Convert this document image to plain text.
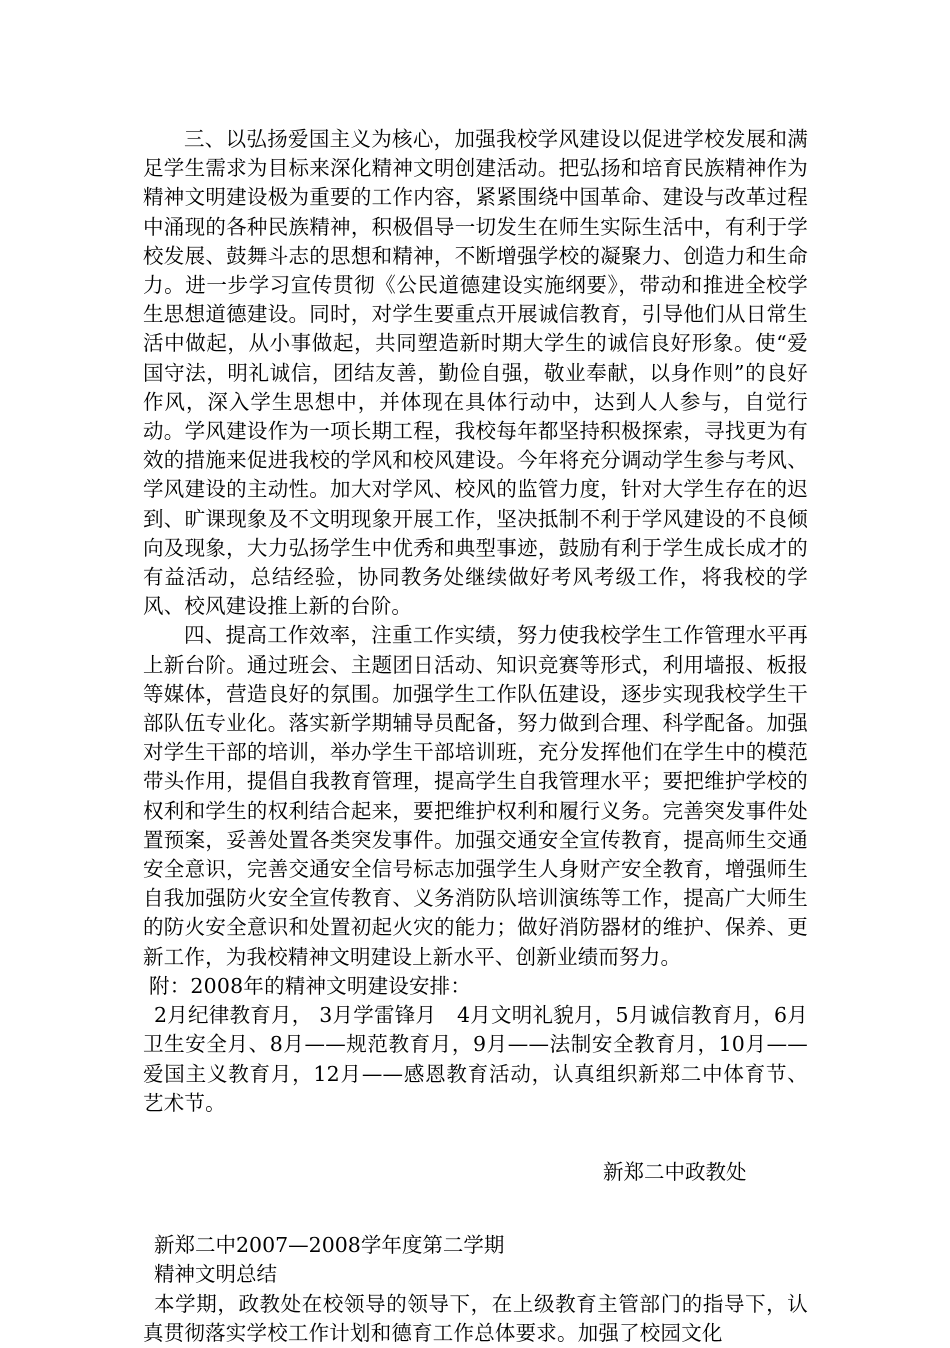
三、以弘扬爱国主义为核心，加强我校学风建设以促进学校发展和满足学生需求为目标来深化精神文明创建活动。把弘扬和培育民族精神作为精神文明建设极为重要的工作内容，紧紧围绕中国革命、建设与改革过程中涌现的各种民族精神，积极倡导一切发生在师生实际生活中，有利于学校发展、鼓舞斗志的思想和精神，不断增强学校的凝聚力、创造力和生命力。进一步学习宣传贯彻《公民道德建设实施纲要》，带动和推进全校学生思想道德建设。同时，对学生要重点开展诚信教育，引导他们从日常生活中做起，从小事做起，共同塑造新时期大学生的诚信良好形象。使“爱国守法，明礼诚信，团结友善，勤俭自强，敬业奉献，以身作则”的良好作风，深入学生思想中，并体现在具体行动中，达到人人参与，自觉行动。学风建设作为一项长期工程，我校每年都坚持积极探索，寻找更为有效的措施来促进我校的学风和校风建设。今年将充分调动学生参与考风、学风建设的主动性。加大对学风、校风的监管力度，针对大学生存在的迟到、旷课现象及不文明现象开展工作，坚决抵制不利于学风建设的不良倾向及现象，大力弘扬学生中优秀和典型事迹，鼓励有利于学生成长成才的有益活动，总结经验，协同教务处继续做好考风考级工作，将我校的学风、校风建设推上新的台阶。

四、提高工作效率，注重工作实绩，努力使我校学生工作管理水平再上新台阶。通过班会、主题团日活动、知识竞赛等形式，利用墙报、板报等媒体，营造良好的氛围。加强学生工作队伍建设，逐步实现我校学生干部队伍专业化。落实新学期辅导员配备，努力做到合理、科学配备。加强对学生干部的培训，举办学生干部培训班，充分发挥他们在学生中的模范带头作用，提倡自我教育管理，提高学生自我管理水平；要把维护学校的权利和学生的权利结合起来，要把维护权利和履行义务。完善突发事件处置预案，妥善处置各类突发事件。加强交通安全宣传教育，提高师生交通安全意识，完善交通安全信号标志加强学生人身财产安全教育，增强师生自我加强防火安全宣传教育、义务消防队培训演练等工作，提高广大师生的防火安全意识和处置初起火灾的能力；做好消防器材的维护、保养、更新工作，为我校精神文明建设上新水平、创新业绩而努力。

附：2008年的精神文明建设安排：

2月纪律教育月， 3月学雷锋月　4月文明礼貌月，5月诚信教育月，6月卫生安全月、8月——规范教育月，9月——法制安全教育月，10月——爱国主义教育月，12月——感恩教育活动，认真组织新郑二中体育节、艺术节。

新郑二中政教处

新郑二中2007—2008学年度第二学期

精神文明总结

本学期，政教处在校领导的领导下，在上级教育主管部门的指导下，认真贯彻落实学校工作计划和德育工作总体要求。加强了校园文化
